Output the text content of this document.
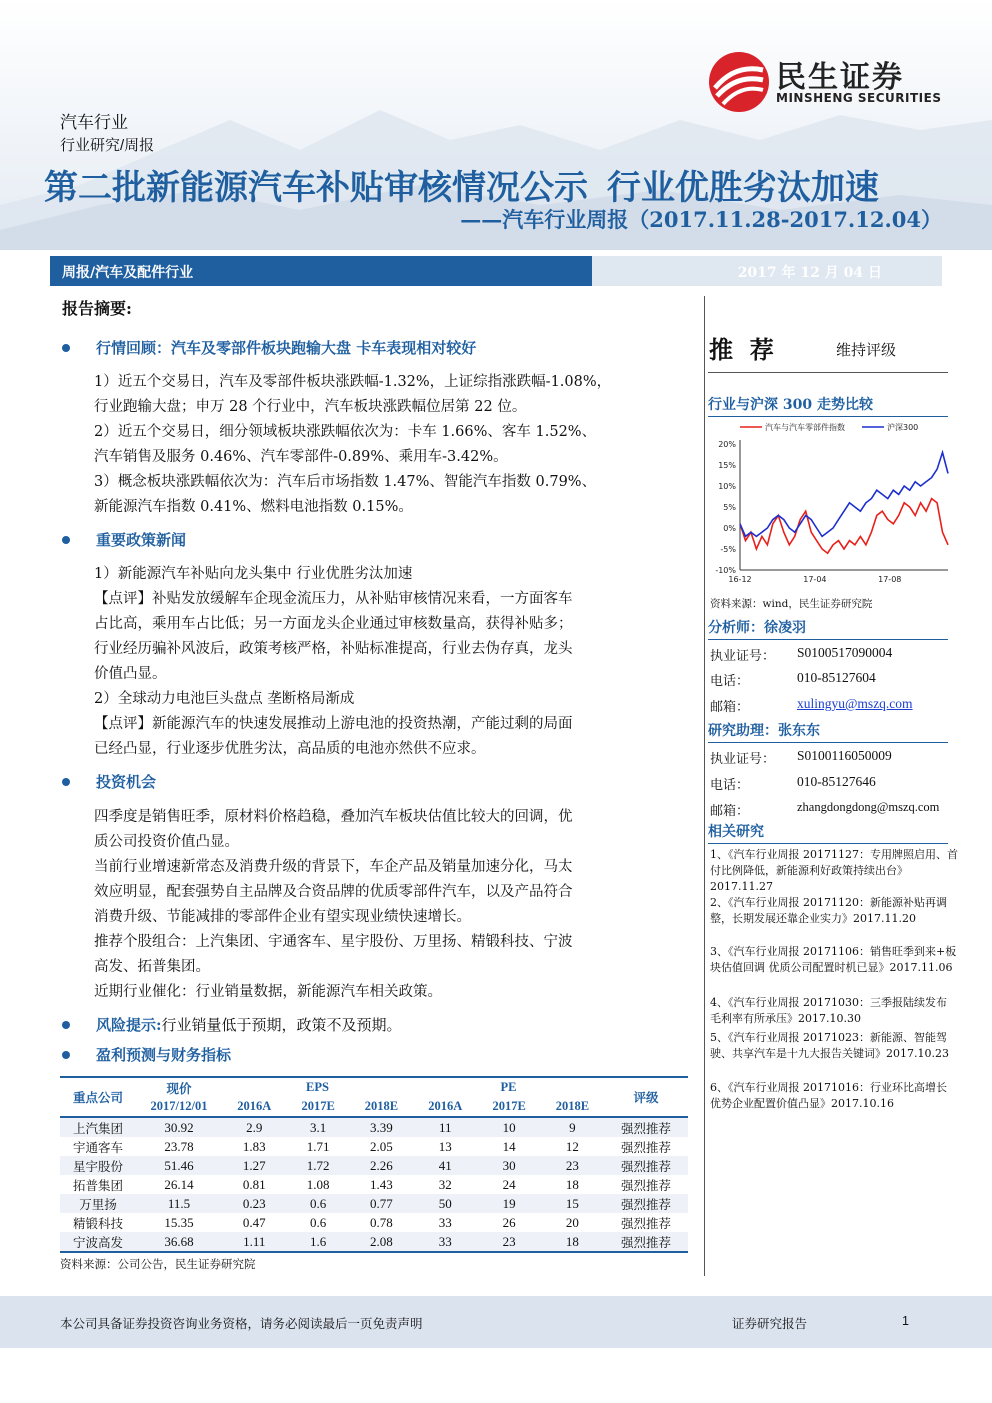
民生证券
MINSHENG SECURITIES
汽车行业
行业研究/周报
第二批新能源汽车补贴审核情况公示  行业优胜劣汰加速
——汽车行业周报（2017.11.28-2017.12.04）
周报/汽车及配件行业	2017 年 12 月 04 日
报告摘要:
行情回顾：汽车及零部件板块跑输大盘 卡车表现相对较好
1）近五个交易日，汽车及零部件板块涨跌幅-1.32%，上证综指涨跌幅-1.08%，
行业跑输大盘；申万 28 个行业中，汽车板块涨跌幅位居第 22 位。
2）近五个交易日，细分领域板块涨跌幅依次为：卡车 1.66%、客车 1.52%、
汽车销售及服务 0.46%、汽车零部件-0.89%、乘用车-3.42%。
3）概念板块涨跌幅依次为：汽车后市场指数 1.47%、智能汽车指数 0.79%、
新能源汽车指数 0.41%、燃料电池指数 0.15%。
重要政策新闻
1）新能源汽车补贴向龙头集中 行业优胜劣汰加速
【点评】补贴发放缓解车企现金流压力，从补贴审核情况来看，一方面客车
占比高，乘用车占比低；另一方面龙头企业通过审核数量高，获得补贴多；
行业经历骗补风波后，政策考核严格，补贴标准提高，行业去伪存真，龙头
价值凸显。
2）全球动力电池巨头盘点 垄断格局渐成
【点评】新能源汽车的快速发展推动上游电池的投资热潮，产能过剩的局面
已经凸显，行业逐步优胜劣汰，高品质的电池亦然供不应求。
投资机会
四季度是销售旺季，原材料价格趋稳，叠加汽车板块估值比较大的回调，优
质公司投资价值凸显。
当前行业增速新常态及消费升级的背景下，车企产品及销量加速分化，马太
效应明显，配套强势自主品牌及合资品牌的优质零部件汽车，以及产品符合
消费升级、节能减排的零部件企业有望实现业绩快速增长。
推荐个股组合：上汽集团、宇通客车、星宇股份、万里扬、精锻科技、宁波
高发、拓普集团。
近期行业催化：行业销量数据，新能源汽车相关政策。
风险提示:行业销量低于预期，政策不及预期。
盈利预测与财务指标
重点公司	现价	EPS			PE			评级
	2017/12/01	2016A	2017E	2018E	2016A	2017E	2018E	
上汽集团	30.92	2.9	3.1	3.39	11	10	9	强烈推荐
宇通客车	23.78	1.83	1.71	2.05	13	14	12	强烈推荐
星宇股份	51.46	1.27	1.72	2.26	41	30	23	强烈推荐
拓普集团	26.14	0.81	1.08	1.43	32	24	18	强烈推荐
万里扬	11.5	0.23	0.6	0.77	50	19	15	强烈推荐
精锻科技	15.35	0.47	0.6	0.78	33	26	20	强烈推荐
宁波高发	36.68	1.11	1.6	2.08	33	23	18	强烈推荐
资料来源：公司公告，民生证券研究院
推  荐	维持评级
行业与沪深 300 走势比较
汽车与汽车零部件指数	沪深300
20%
15%
10%
5%
0%
-5%
-10%
16-12	17-04	17-08
资料来源：wind，民生证券研究院
分析师：徐凌羽
执业证号： S0100517090004
电话：	010-85127604
邮箱：	xulingyu@mszq.com
研究助理：张东东
执业证号： S0100116050009
电话：	010-85127646
邮箱：	zhangdongdong@mszq.com
相关研究
1、《汽车行业周报 20171127：专用牌照启用、首付比例降低，新能源利好政策持续出台》2017.11.27
2、《汽车行业周报 20171120：新能源补贴再调整，长期发展还靠企业实力》2017.11.20
3、《汽车行业周报 20171106：销售旺季到来+板块估值回调 优质公司配置时机已显》2017.11.06
4、《汽车行业周报 20171030：三季报陆续发布 毛利率有所承压》2017.10.30
5、《汽车行业周报 20171023：新能源、智能驾驶、共享汽车是十九大报告关键词》2017.10.23
6、《汽车行业周报 20171016：行业环比高增长 优势企业配置价值凸显》2017.10.16
本公司具备证券投资咨询业务资格，请务必阅读最后一页免责声明	证券研究报告	1
